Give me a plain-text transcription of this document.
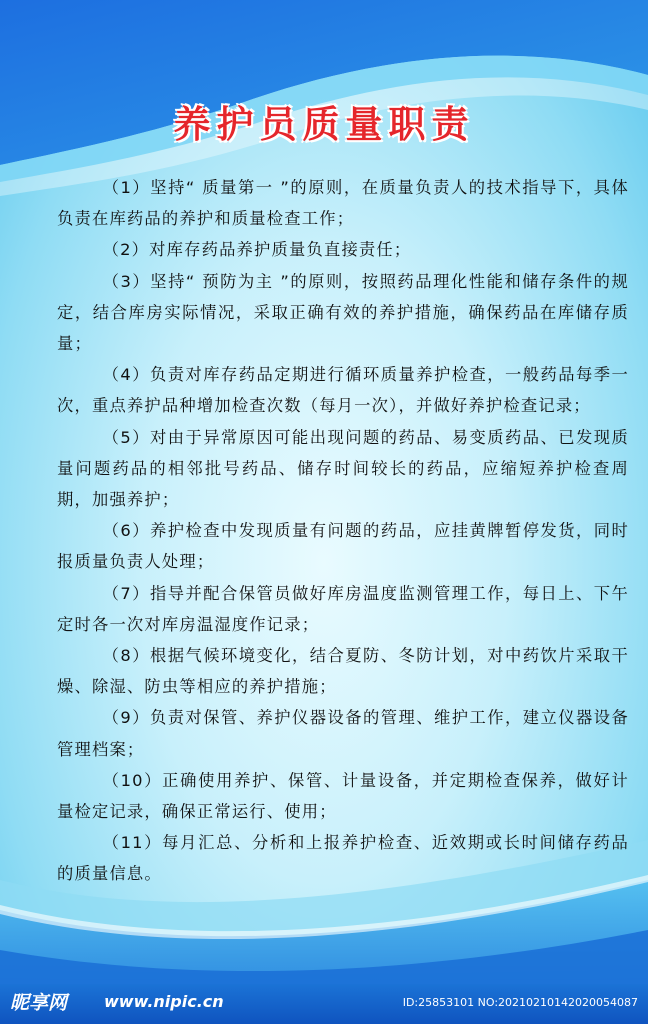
养护员质量职责

（1）坚持“ 质量第一 ”的原则，在质量负责人的技术指导下，具体负责在库药品的养护和质量检查工作；

（2）对库存药品养护质量负直接责任；

（3）坚持“ 预防为主 ”的原则，按照药品理化性能和储存条件的规定，结合库房实际情况，采取正确有效的养护措施，确保药品在库储存质量；

（4）负责对库存药品定期进行循环质量养护检查，一般药品每季一次，重点养护品种增加检查次数（每月一次），并做好养护检查记录；

（5）对由于异常原因可能出现问题的药品、易变质药品、已发现质量问题药品的相邻批号药品、储存时间较长的药品，应缩短养护检查周期，加强养护；

（6）养护检查中发现质量有问题的药品，应挂黄牌暂停发货，同时报质量负责人处理；

（7）指导并配合保管员做好库房温度监测管理工作，每日上、下午定时各一次对库房温湿度作记录；

（8）根据气候环境变化，结合夏防、冬防计划，对中药饮片采取干燥、除湿、防虫等相应的养护措施；

（9）负责对保管、养护仪器设备的管理、维护工作，建立仪器设备管理档案；

（10）正确使用养护、保管、计量设备，并定期检查保养，做好计量检定记录，确保正常运行、使用；

（11）每月汇总、分析和上报养护检查、近效期或长时间储存药品的质量信息。

昵享网 www.nipic.cn	ID:25853101 NO:20210210142020054087
